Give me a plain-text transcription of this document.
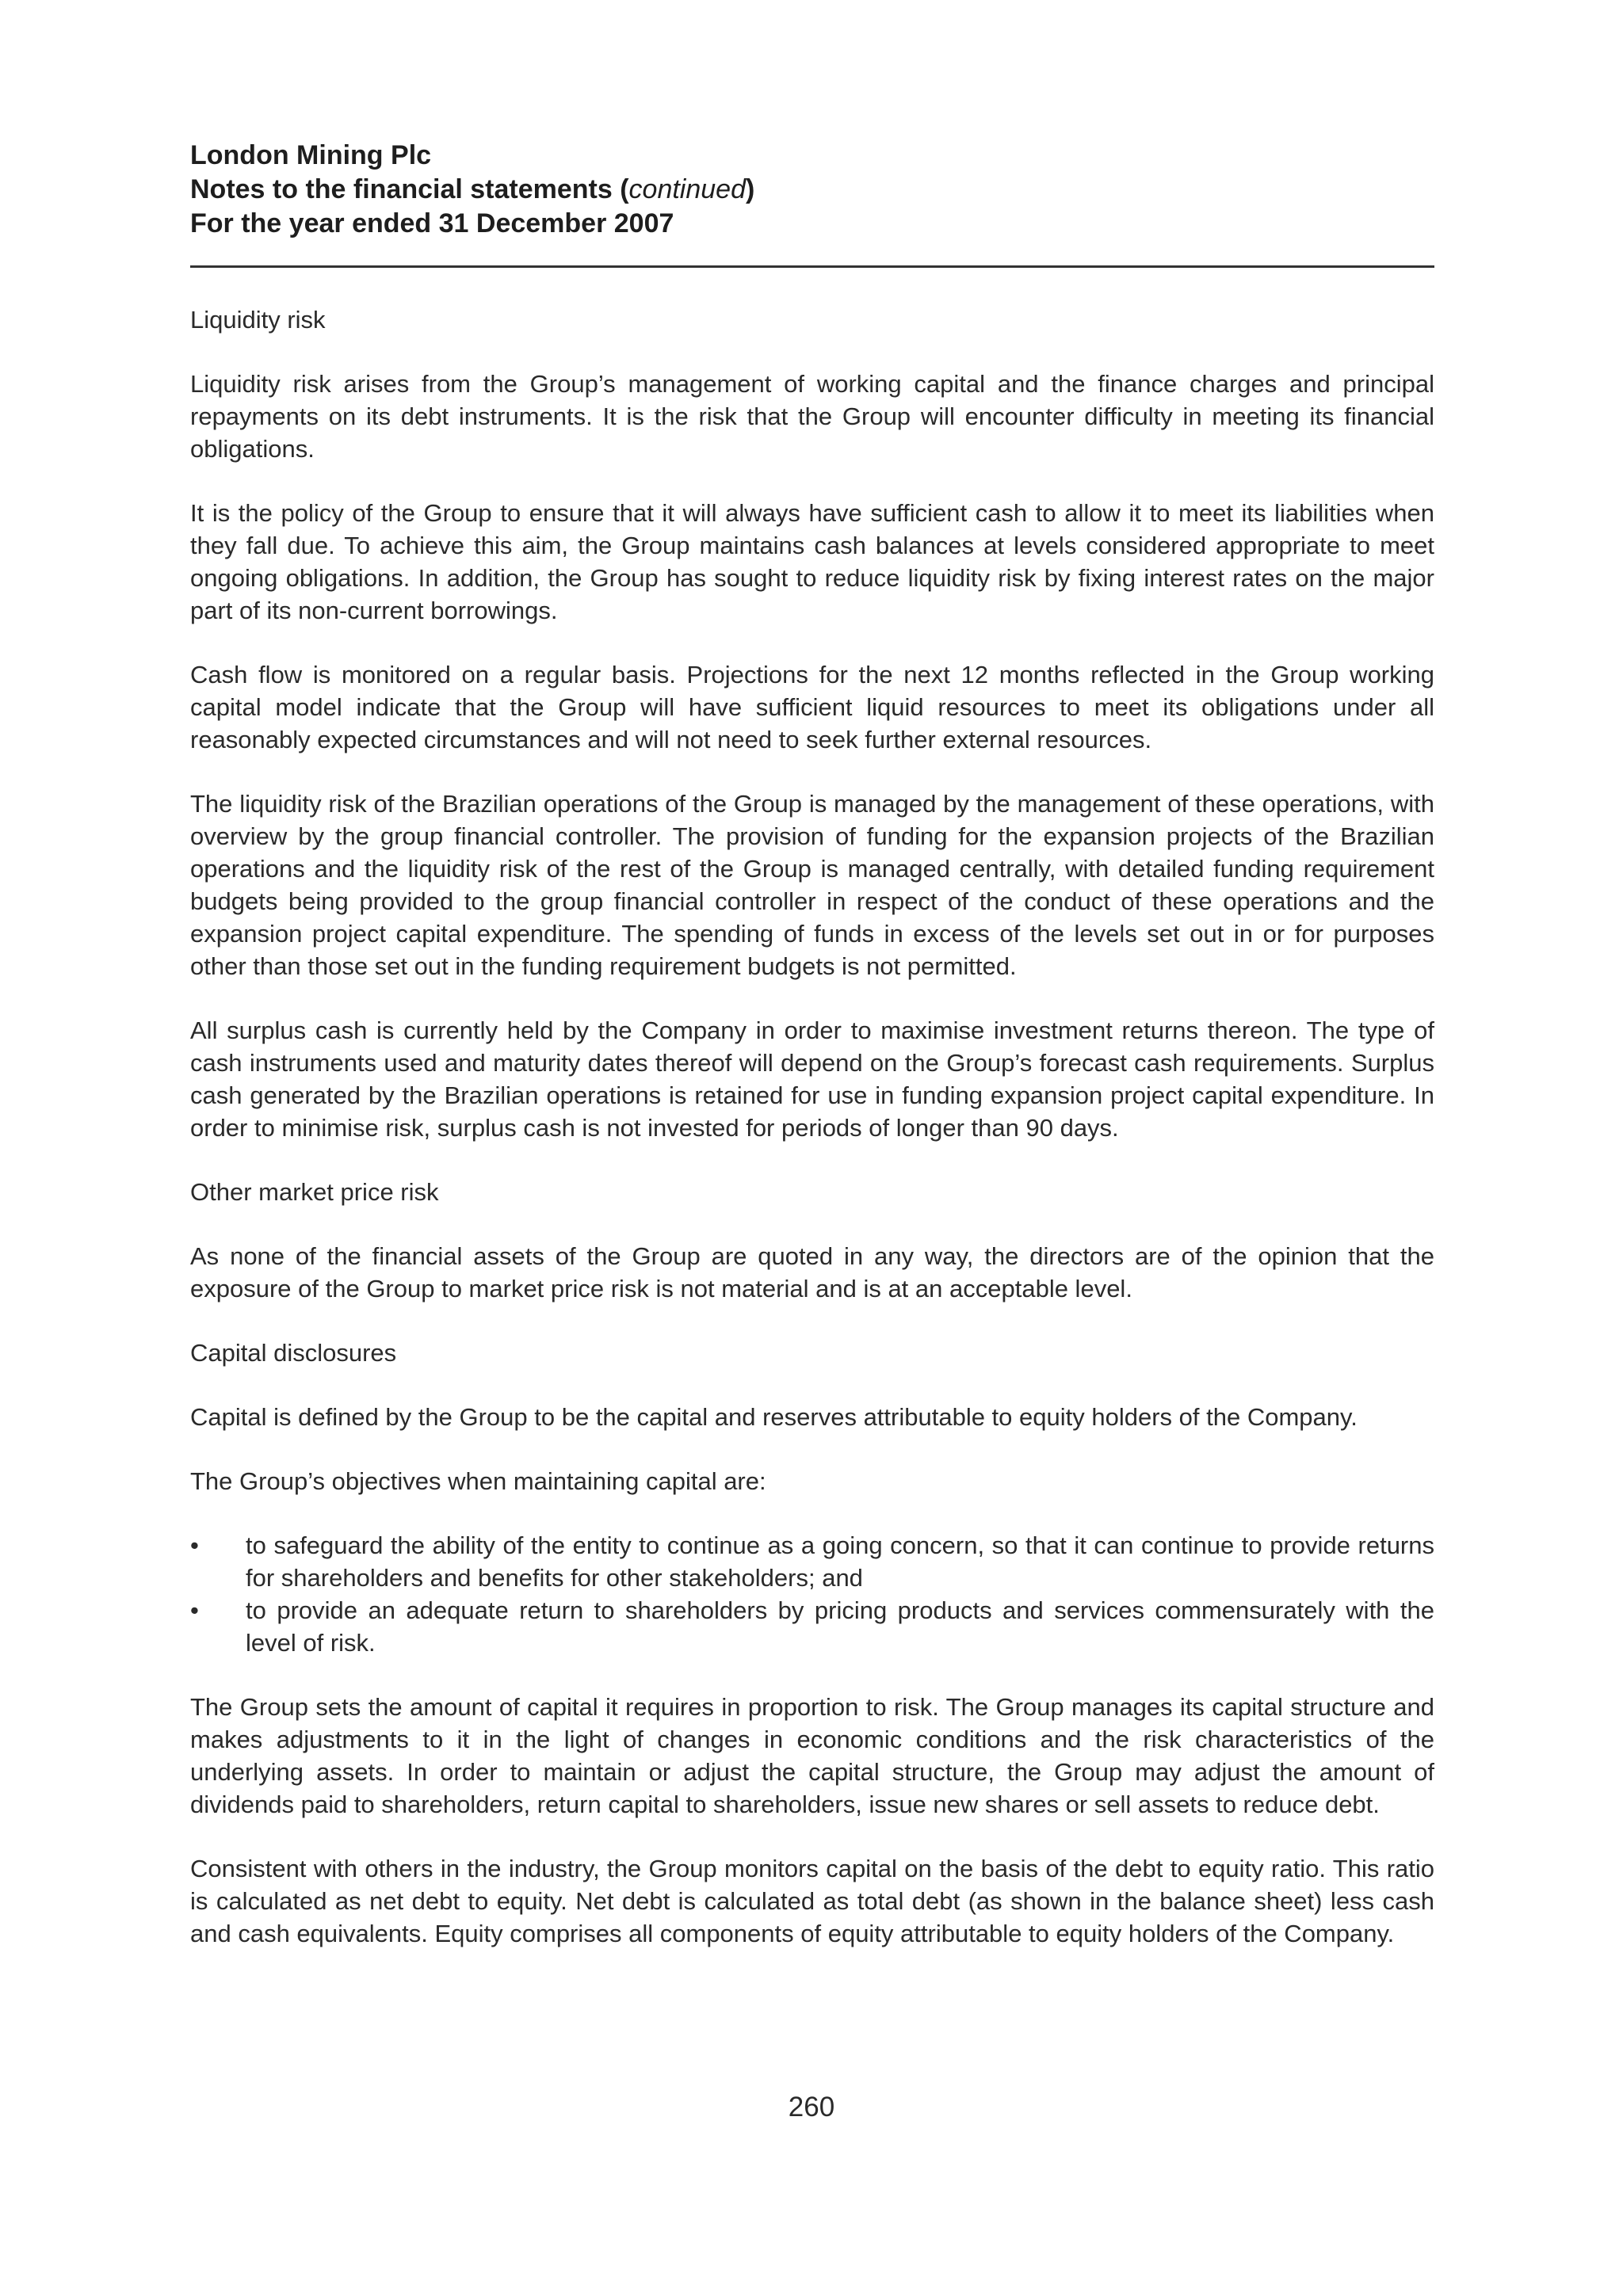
London Mining Plc
Notes to the financial statements (continued)
For the year ended 31 December 2007

Liquidity risk

Liquidity risk arises from the Group’s management of working capital and the finance charges and principal repayments on its debt instruments. It is the risk that the Group will encounter difficulty in meeting its financial obligations.

It is the policy of the Group to ensure that it will always have sufficient cash to allow it to meet its liabilities when they fall due. To achieve this aim, the Group maintains cash balances at levels considered appropriate to meet ongoing obligations. In addition, the Group has sought to reduce liquidity risk by fixing interest rates on the major part of its non-current borrowings.

Cash flow is monitored on a regular basis. Projections for the next 12 months reflected in the Group working capital model indicate that the Group will have sufficient liquid resources to meet its obligations under all reasonably expected circumstances and will not need to seek further external resources.

The liquidity risk of the Brazilian operations of the Group is managed by the management of these operations, with overview by the group financial controller. The provision of funding for the expansion projects of the Brazilian operations and the liquidity risk of the rest of the Group is managed centrally, with detailed funding requirement budgets being provided to the group financial controller in respect of the conduct of these operations and the expansion project capital expenditure. The spending of funds in excess of the levels set out in or for purposes other than those set out in the funding requirement budgets is not permitted.

All surplus cash is currently held by the Company in order to maximise investment returns thereon. The type of cash instruments used and maturity dates thereof will depend on the Group’s forecast cash requirements. Surplus cash generated by the Brazilian operations is retained for use in funding expansion project capital expenditure. In order to minimise risk, surplus cash is not invested for periods of longer than 90 days.

Other market price risk

As none of the financial assets of the Group are quoted in any way, the directors are of the opinion that the exposure of the Group to market price risk is not material and is at an acceptable level.

Capital disclosures

Capital is defined by the Group to be the capital and reserves attributable to equity holders of the Company.

The Group’s objectives when maintaining capital are:

• to safeguard the ability of the entity to continue as a going concern, so that it can continue to provide returns for shareholders and benefits for other stakeholders; and
• to provide an adequate return to shareholders by pricing products and services commensurately with the level of risk.

The Group sets the amount of capital it requires in proportion to risk. The Group manages its capital structure and makes adjustments to it in the light of changes in economic conditions and the risk characteristics of the underlying assets. In order to maintain or adjust the capital structure, the Group may adjust the amount of dividends paid to shareholders, return capital to shareholders, issue new shares or sell assets to reduce debt.

Consistent with others in the industry, the Group monitors capital on the basis of the debt to equity ratio. This ratio is calculated as net debt to equity. Net debt is calculated as total debt (as shown in the balance sheet) less cash and cash equivalents. Equity comprises all components of equity attributable to equity holders of the Company.

260
